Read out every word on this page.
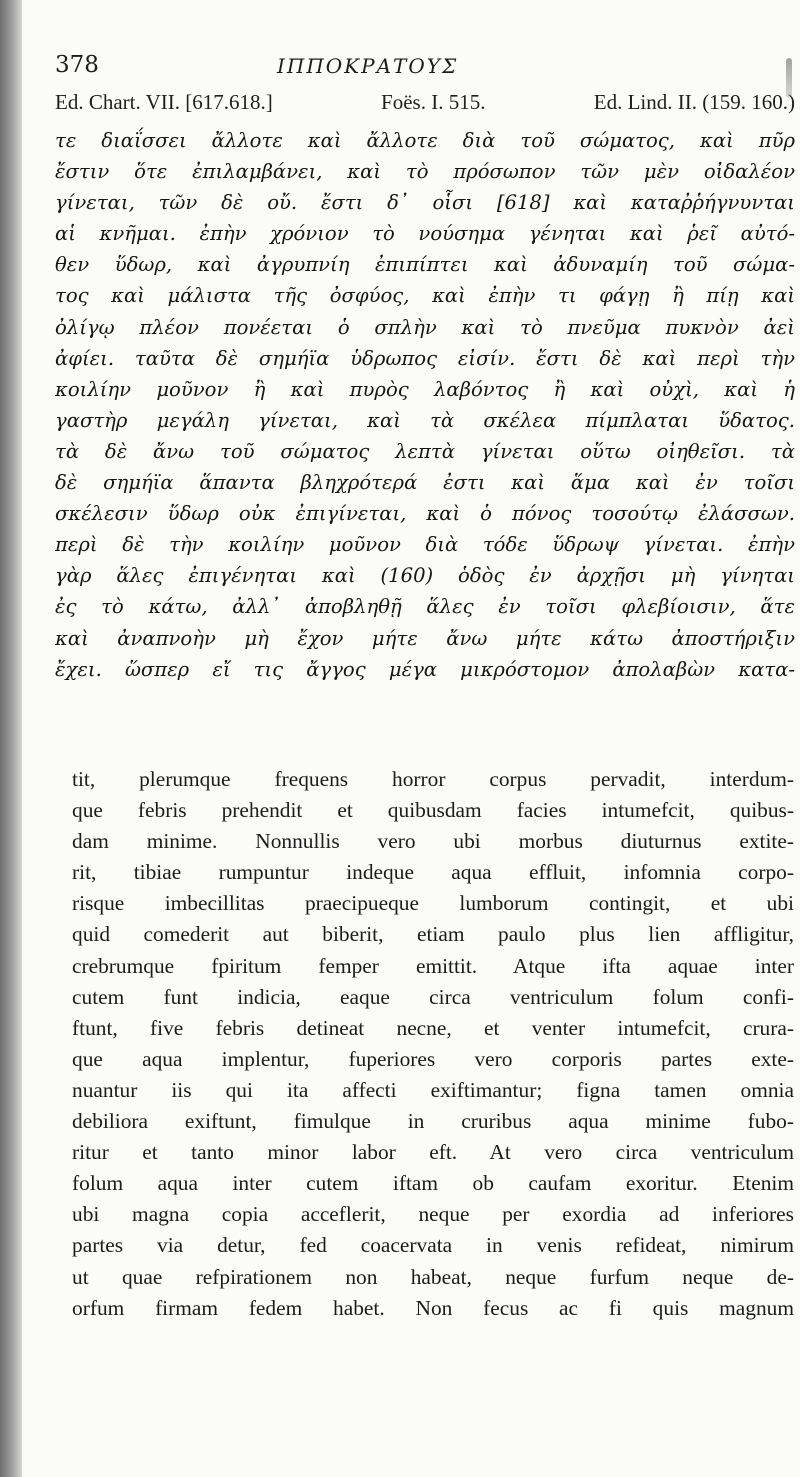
378	ΙΠΠΟΚΡΑΤΟΥΣ
Ed. Chart. VII. [617.618.]	Foës. I. 515.	Ed. Lind. II. (159. 160.)
τε διαΐσσει ἄλλοτε καὶ ἄλλοτε διὰ τοῦ σώματος, καὶ πῦρ
ἔστιν ὅτε ἐπιλαμβάνει, καὶ τὸ πρόσωπον τῶν μὲν οἰδαλέον
γίνεται, τῶν δὲ οὔ. ἔστι δ᾽ οἷσι [618] καὶ καταῤῥήγνυνται
αἱ κνῆμαι. ἐπὴν χρόνιον τὸ νούσημα γένηται καὶ ῥεῖ αὐτό-
θεν ὕδωρ, καὶ ἀγρυπνίη ἐπιπίπτει καὶ ἀδυναμίη τοῦ σώμα-
τος καὶ μάλιστα τῆς ὀσφύος, καὶ ἐπὴν τι φάγῃ ἢ πίῃ καὶ
ὀλίγῳ πλέον πονέεται ὁ σπλὴν καὶ τὸ πνεῦμα πυκνὸν ἀεὶ
ἀφίει. ταῦτα δὲ σημήϊα ὑδρωπος εἰσίν. ἔστι δὲ καὶ περὶ τὴν
κοιλίην μοῦνον ἢ καὶ πυρὸς λαβόντος ἢ καὶ οὐχὶ, καὶ ἡ
γαστὴρ μεγάλη γίνεται, καὶ τὰ σκέλεα πίμπλαται ὕδατος.
τὰ δὲ ἄνω τοῦ σώματος λεπτὰ γίνεται οὕτω οἰηθεῖσι. τὰ
δὲ σημήϊα ἅπαντα βληχρότερά ἐστι καὶ ἅμα καὶ ἐν τοῖσι
σκέλεσιν ὕδωρ οὐκ ἐπιγίνεται, καὶ ὁ πόνος τοσούτῳ ἐλάσσων.
περὶ δὲ τὴν κοιλίην μοῦνον διὰ τόδε ὕδρωψ γίνεται. ἐπὴν
γὰρ ἅλες ἐπιγένηται καὶ (160) ὁδὸς ἐν ἀρχῇσι μὴ γίνηται
ἐς τὸ κάτω, ἀλλ᾽ ἀποβληθῇ ἅλες ἐν τοῖσι φλεβίοισιν, ἅτε
καὶ ἀναπνοὴν μὴ ἔχον μήτε ἄνω μήτε κάτω ἀποστήριξιν
ἔχει. ὥσπερ εἴ τις ἄγγος μέγα μικρόστομον ἀπολαβὼν κατα-
tit, plerumque frequens horror corpus pervadit, interdum-
que febris prehendit et quibusdam facies intumefcit, quibus-
dam minime. Nonnullis vero ubi morbus diuturnus extite-
rit, tibiae rumpuntur indeque aqua effluit, infomnia corpo-
risque imbecillitas praecipueque lumborum contingit, et ubi
quid comederit aut biberit, etiam paulo plus lien affligitur,
crebrumque fpiritum femper emittit. Atque ifta aquae inter
cutem funt indicia, eaque circa ventriculum folum confi-
ftunt, five febris detineat necne, et venter intumefcit, crura-
que aqua implentur, fuperiores vero corporis partes exte-
nuantur iis qui ita affecti exiftimantur; figna tamen omnia
debiliora exiftunt, fimulque in cruribus aqua minime fubo-
ritur et tanto minor labor eft. At vero circa ventriculum
folum aqua inter cutem iftam ob caufam exoritur. Etenim
ubi magna copia acceflerit, neque per exordia ad inferiores
partes via detur, fed coacervata in venis refideat, nimirum
ut quae refpirationem non habeat, neque furfum neque de-
orfum firmam fedem habet. Non fecus ac fi quis magnum
